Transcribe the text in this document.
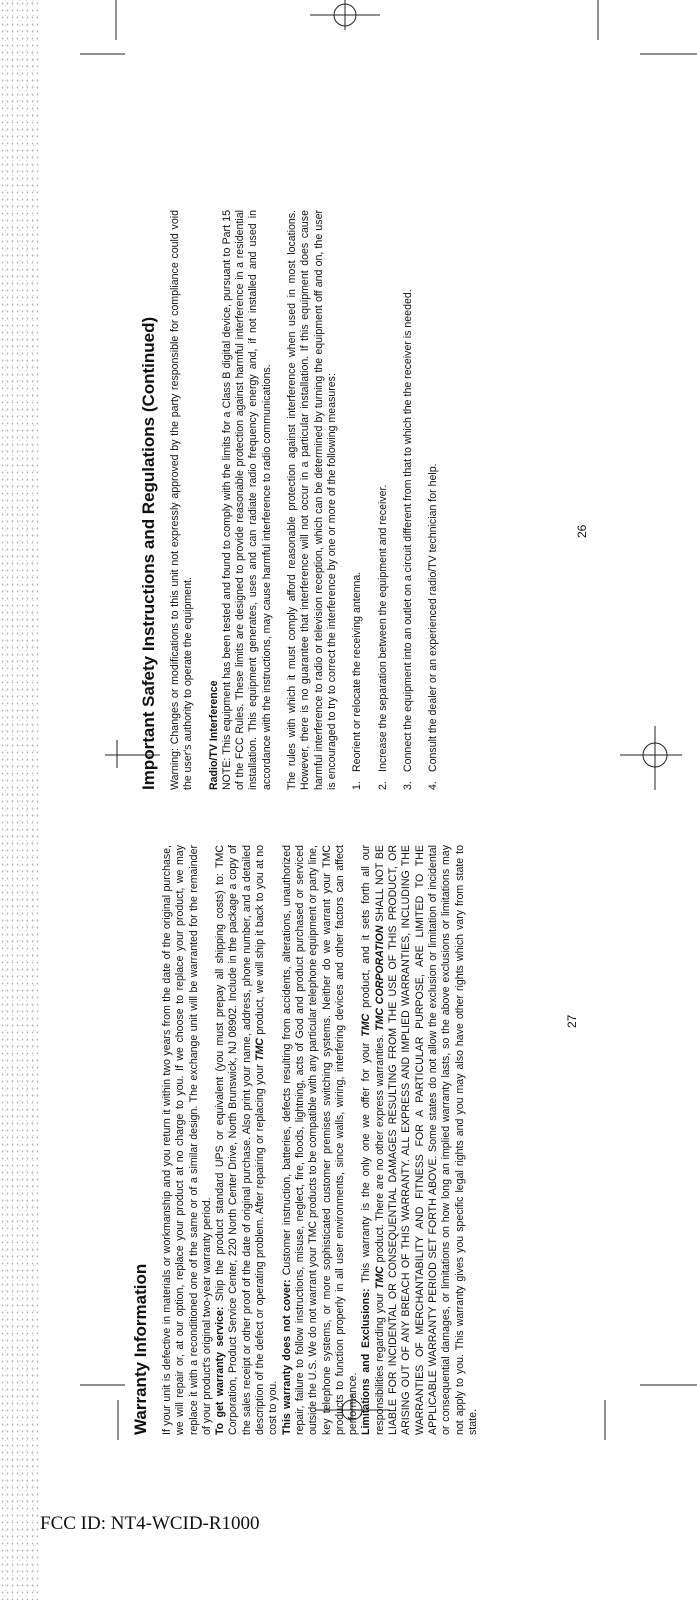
Important Safety Instructions and Regulations (Continued) Warning: Changes or modifications to this unit not expressly approved by the party responsible for compliance could void the user's authority to operate the equipment. Radio/TV Interference NOTE: This equipment has been tested and found to comply with the limits for a Class B digital device, pursuant to Part 15 of the FCC Rules. These limits are designed to provide reasonable protection against harmful interference in a residential installation. This equipment generates, uses and can radiate radio frequency energy and, if not installed and used in accordance with the instructions, may cause harmful interference to radio communications. The rules with which it must comply afford reasonable protection against interference when used in most locations. However, there is no guarantee that interference will not occur in a particular installation. If this equipment does cause harmful interference to radio or television reception, which can be determined by turning the equipment off and on, the user is encouraged to try to correct the interference by one or more of the following measures: 1.Reorient or relocate the receiving antenna.
2.Increase the separation between the equipment and receiver.
3.Connect the equipment into an outlet on a circuit different from that to which the the receiver is needed.
4.Consult the dealer or an experienced radio/TV technician for help.	26
Warranty Information If your unit is defective in materials or workmanship and you return it within two years from the date of the original purchase, we will repair or, at our option, replace your product at no charge to you. If we choose to replace your product, we may replace it with a reconditioned one of the same or of a similar design. The exchange unit will be warranted for the remainder of your product's original two-year warranty period. To get warranty service: Ship the product standard UPS or equivalent (you must prepay all shipping costs) to: TMC Corporation, Product Service Center, 220 North Center Drive, North Brunswick, NJ 08902. Include in the package a copy of the sales receipt or other proof of the date of original purchase. Also print your name, address, phone number, and a detailed description of the defect or operating problem. After repairing or replacing your TMC product, we will ship it back to you at no cost to you. This warranty does not cover: Customer instruction, batteries, defects resulting from accidents, alterations, unauthorized repair, failure to follow instructions, misuse, neglect, fire, floods, lightning, acts of God and product purchased or serviced outside the U.S. We do not warrant your TMC products to be compatible with any particular telephone equipment or party line, key telephone systems, or more sophisticated customer premises switching systems. Neither do we warrant your TMC products to function properly in all user environments, since walls, wiring, interfering devices and other factors can affect performance. Limitations and Exclusions: This warranty is the only one we offer for your TMC product, and it sets forth all our responsibilities regarding your TMC product. There are no other express warranties. TMC CORPORATION SHALL NOT BE LIABLE FOR INCIDENTAL OR CONSEQUENTIAL DAMAGES RESULTING FROM THE USE OF THIS PRODUCT, OR ARISING OUT OF ANY BREACH OF THIS WARRANTY. ALL EXPRESS AND IMPLIED WARRANTIES, INCLUDING THE WARRANTIES OF MERCHANTABILITY AND FITNESS FOR A PARTICULAR PURPOSE, ARE LIMITED TO THE APPLICABLE WARRANTY PERIOD SET FORTH ABOVE. Some states do not allow the exclusion or limitation of incidental or consequential damages, or limitations on how long an implied warranty lasts, so the above exclusions or limitations may not apply to you. This warranty gives you specific legal rights and you may also have other rights which vary from state to state.

27
FCC ID: NT4-WCID-R1000
